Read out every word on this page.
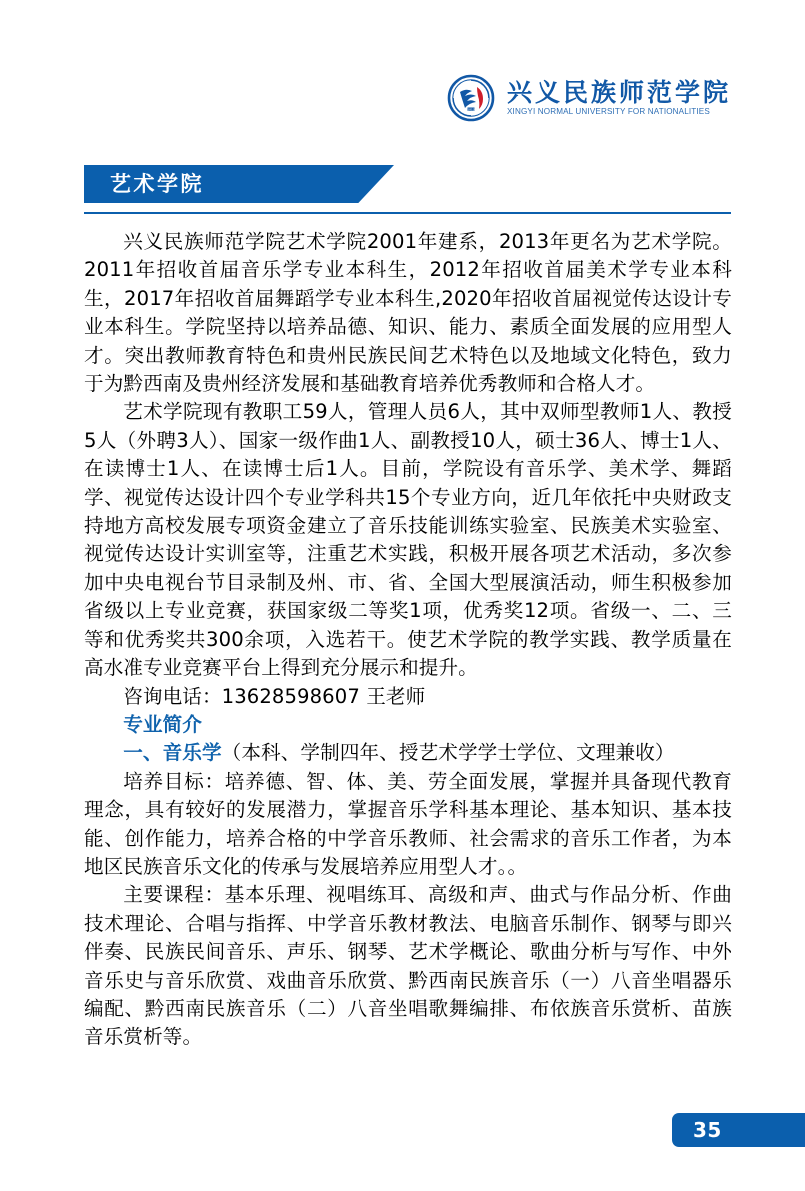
1813
兴义民族师范学院
XINGYI NORMAL UNIVERSITY FOR NATIONALITIES
艺术学院

兴义民族师范学院艺术学院2001年建系，2013年更名为艺术学院。2011年招收首届音乐学专业本科生，2012年招收首届美术学专业本科生，2017年招收首届舞蹈学专业本科生,2020年招收首届视觉传达设计专业本科生。学院坚持以培养品德、知识、能力、素质全面发展的应用型人才。突出教师教育特色和贵州民族民间艺术特色以及地域文化特色，致力于为黔西南及贵州经济发展和基础教育培养优秀教师和合格人才。

艺术学院现有教职工59人，管理人员6人，其中双师型教师1人、教授5人（外聘3人）、国家一级作曲1人、副教授10人，硕士36人、博士1人、在读博士1人、在读博士后1人。目前，学院设有音乐学、美术学、舞蹈学、视觉传达设计四个专业学科共15个专业方向，近几年依托中央财政支持地方高校发展专项资金建立了音乐技能训练实验室、民族美术实验室、视觉传达设计实训室等，注重艺术实践，积极开展各项艺术活动，多次参加中央电视台节目录制及州、市、省、全国大型展演活动，师生积极参加省级以上专业竞赛，获国家级二等奖1项，优秀奖12项。省级一、二、三等和优秀奖共300余项，入选若干。使艺术学院的教学实践、教学质量在高水准专业竞赛平台上得到充分展示和提升。

咨询电话：13628598607 王老师

专业简介

一、音乐学（本科、学制四年、授艺术学学士学位、文理兼收）

培养目标：培养德、智、体、美、劳全面发展，掌握并具备现代教育理念，具有较好的发展潜力，掌握音乐学科基本理论、基本知识、基本技能、创作能力，培养合格的中学音乐教师、社会需求的音乐工作者，为本地区民族音乐文化的传承与发展培养应用型人才。。

主要课程：基本乐理、视唱练耳、高级和声、曲式与作品分析、作曲技术理论、合唱与指挥、中学音乐教材教法、电脑音乐制作、钢琴与即兴伴奏、民族民间音乐、声乐、钢琴、艺术学概论、歌曲分析与写作、中外音乐史与音乐欣赏、戏曲音乐欣赏、黔西南民族音乐（一）八音坐唱器乐编配、黔西南民族音乐（二）八音坐唱歌舞编排、布依族音乐赏析、苗族音乐赏析等。

35
